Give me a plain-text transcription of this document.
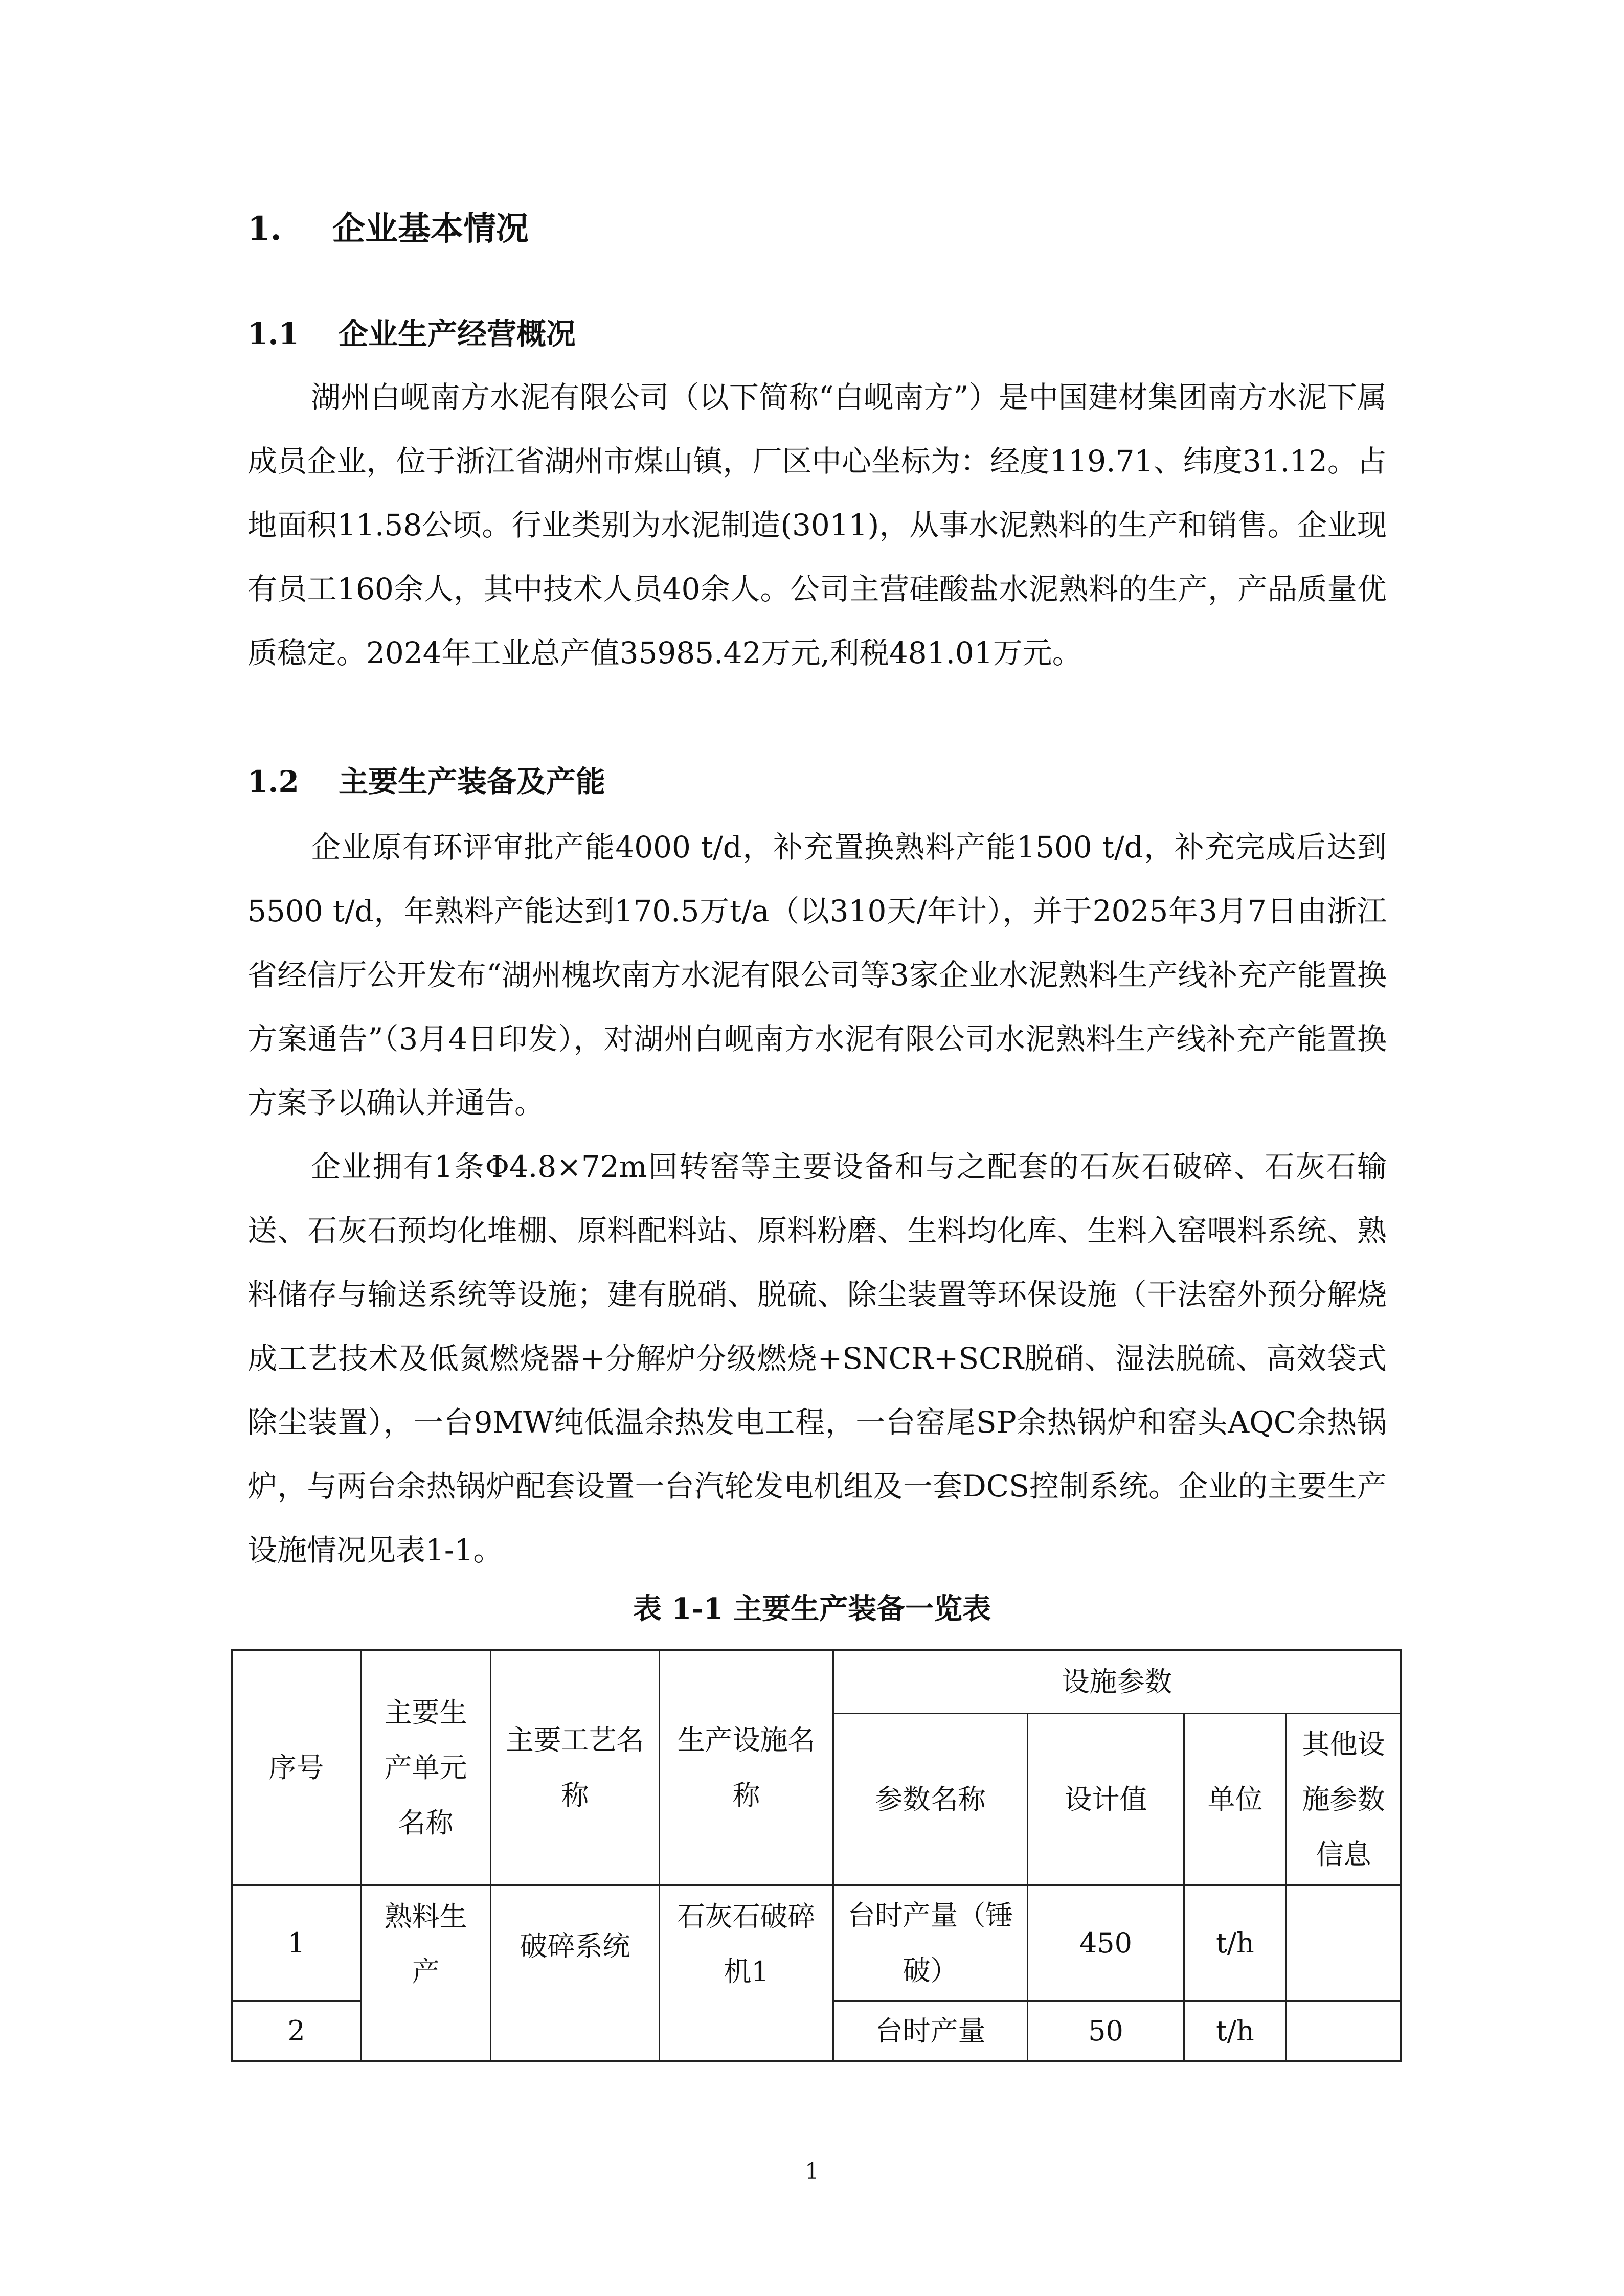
1. 企业基本情况
1.1 企业生产经营概况

湖州白岘南方水泥有限公司（以下简称“白岘南方”）是中国建材集团南方水泥下属成员企业，位于浙江省湖州市煤山镇，厂区中心坐标为：经度119.71、纬度31.12。占地面积11.58公顷。行业类别为水泥制造(3011)，从事水泥熟料的生产和销售。企业现有员工160余人，其中技术人员40余人。公司主营硅酸盐水泥熟料的生产，产品质量优质稳定。2024年工业总产值35985.42万元,利税481.01万元。

1.2 主要生产装备及产能

企业原有环评审批产能4000 t/d，补充置换熟料产能1500 t/d，补充完成后达到5500 t/d，年熟料产能达到170.5万t/a（以310天/年计），并于2025年3月7日由浙江省经信厅公开发布“湖州槐坎南方水泥有限公司等3家企业水泥熟料生产线补充产能置换方案通告”（3月4日印发），对湖州白岘南方水泥有限公司水泥熟料生产线补充产能置换方案予以确认并通告。

企业拥有1条Φ4.8×72m回转窑等主要设备和与之配套的石灰石破碎、石灰石输送、石灰石预均化堆棚、原料配料站、原料粉磨、生料均化库、生料入窑喂料系统、熟料储存与输送系统等设施；建有脱硝、脱硫、除尘装置等环保设施（干法窑外预分解烧成工艺技术及低氮燃烧器+分解炉分级燃烧+SNCR+SCR脱硝、湿法脱硫、高效袋式除尘装置），一台9MW纯低温余热发电工程，一台窑尾SP余热锅炉和窑头AQC余热锅炉，与两台余热锅炉配套设置一台汽轮发电机组及一套DCS控制系统。企业的主要生产设施情况见表1-1。

表 1-1 主要生产装备一览表
序号	主要生产单元名称	主要工艺名称	生产设施名称	设施参数			
				参数名称	设计值	单位	其他设施参数信息
1	熟料生产	破碎系统	石灰石破碎机1	台时产量（锤破）	450	t/h	
2				台时产量	50	t/h	
1
